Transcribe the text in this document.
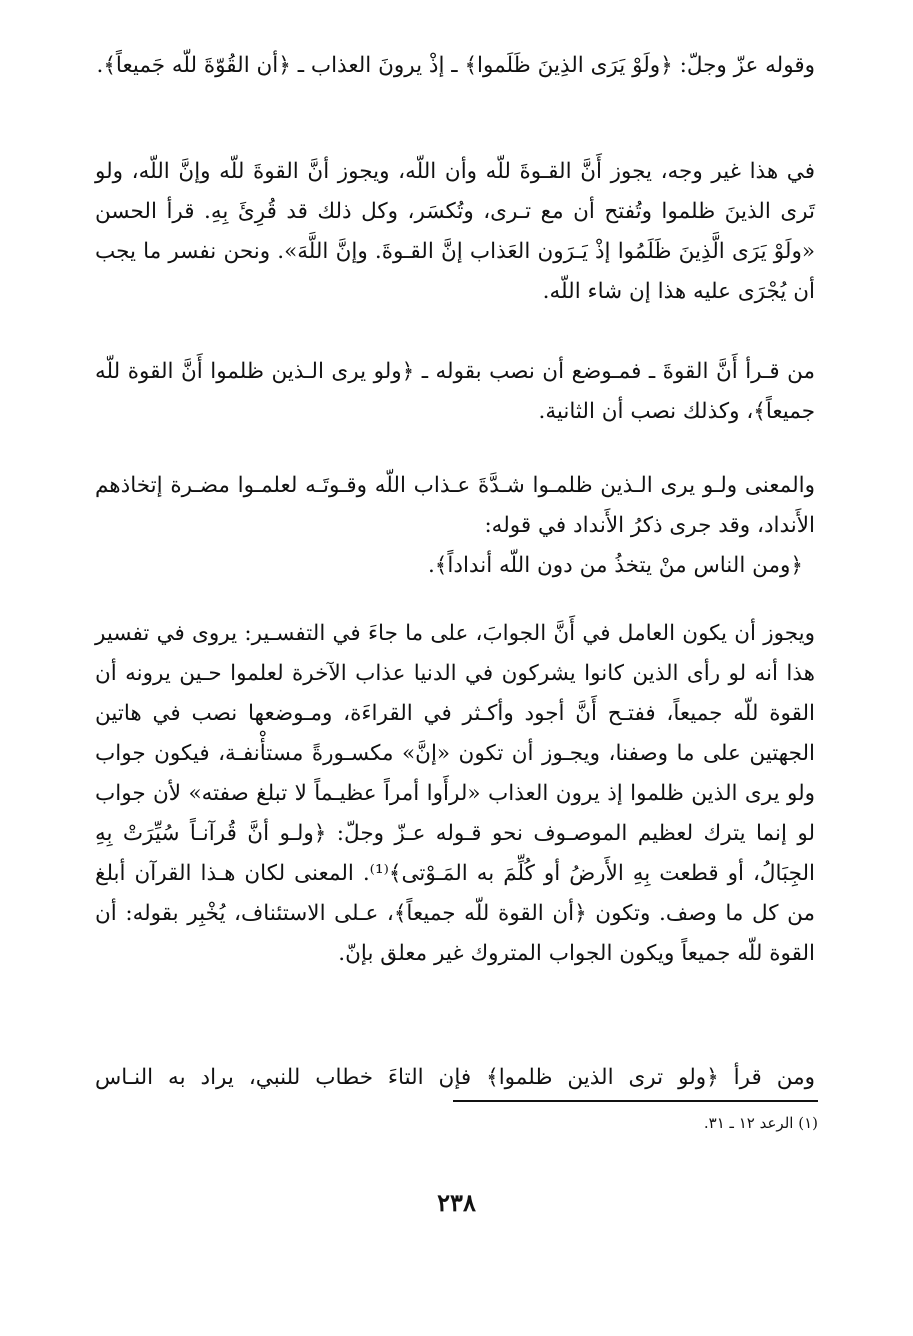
وقوله عزّ وجلّ: ﴿ولَوْ يَرَى الذِينَ ظَلَموا﴾ ـ إذْ يرونَ العذاب ـ ﴿أن القُوّةَ للّه جَميعاً﴾.

في هذا غير وجه، يجوز أَنَّ القـوةَ للّه وأن اللّه، ويجوز أنَّ القوةَ للّه وإنَّ اللّه، ولو تَرى الذينَ ظلموا وتُفتح أن مع تـرى، وتُكسَر، وكل ذلك قد قُرِئَ بِهِ. قرأ الحسن «ولَوْ يَرَى الَّذِينَ ظَلَمُوا إذْ يَـرَون العَذاب إنَّ القـوةَ. وإنَّ اللَّهَ». ونحن نفسر ما يجب أن يُجْرَى عليه هذا إن شاء اللّه.

من قـرأ أَنَّ القوةَ ـ فمـوضع أن نصب بقوله ـ ﴿ولو يرى الـذين ظلموا أَنَّ القوة للّه جميعاً﴾، وكذلك نصب أن الثانية.

والمعنى ولـو يرى الـذين ظلمـوا شـدَّةَ عـذاب اللّه وقـوتَـه لعلمـوا مضـرة إتخاذهم الأَنداد، وقد جرى ذكرُ الأَنداد في قوله:
﴿ومن الناس منْ يتخذُ من دون اللّه أنداداً﴾.

ويجوز أن يكون العامل في أَنَّ الجوابَ، على ما جاءَ في التفسـير: يروى في تفسير هذا أنه لو رأى الذين كانوا يشركون في الدنيا عذاب الآخرة لعلموا حـين يرونه أن القوة للّه جميعاً، ففتـح أَنَّ أجود وأكـثر في القراءَة، ومـوضعها نصب في هاتين الجهتين على ما وصفنا، ويجـوز أن تكون «إنَّ» مكسـورةً مستأْنفـة، فيكون جواب ولو يرى الذين ظلموا إذ يرون العذاب «لرأَوا أمراً عظيـماً لا تبلغ صفته» لأن جواب لو إنما يترك لعظيم الموصـوف نحو قـوله عـزّ وجلّ: ﴿ولـو أنَّ قُرآنـاً سُيِّرَتْ بِهِ الجِبَالُ، أو قطعت بِهِ الأَرضُ أو كُلِّمَ به المَـوْتى﴾⁽¹⁾. المعنى لكان هـذا القرآن أبلغ من كل ما وصف. وتكون ﴿أن القوة للّه جميعاً﴾، عـلى الاستئناف، يُخْبِر بقوله: أن القوة للّه جميعاً ويكون الجواب المتروك غير معلق بإنّ.

ومن قرأ ﴿ولو ترى الذين ظلموا﴾ فإن التاءَ خطاب للنبي، يراد به النـاس

(١) الرعد ١٢ ـ ٣١.

٢٣٨
